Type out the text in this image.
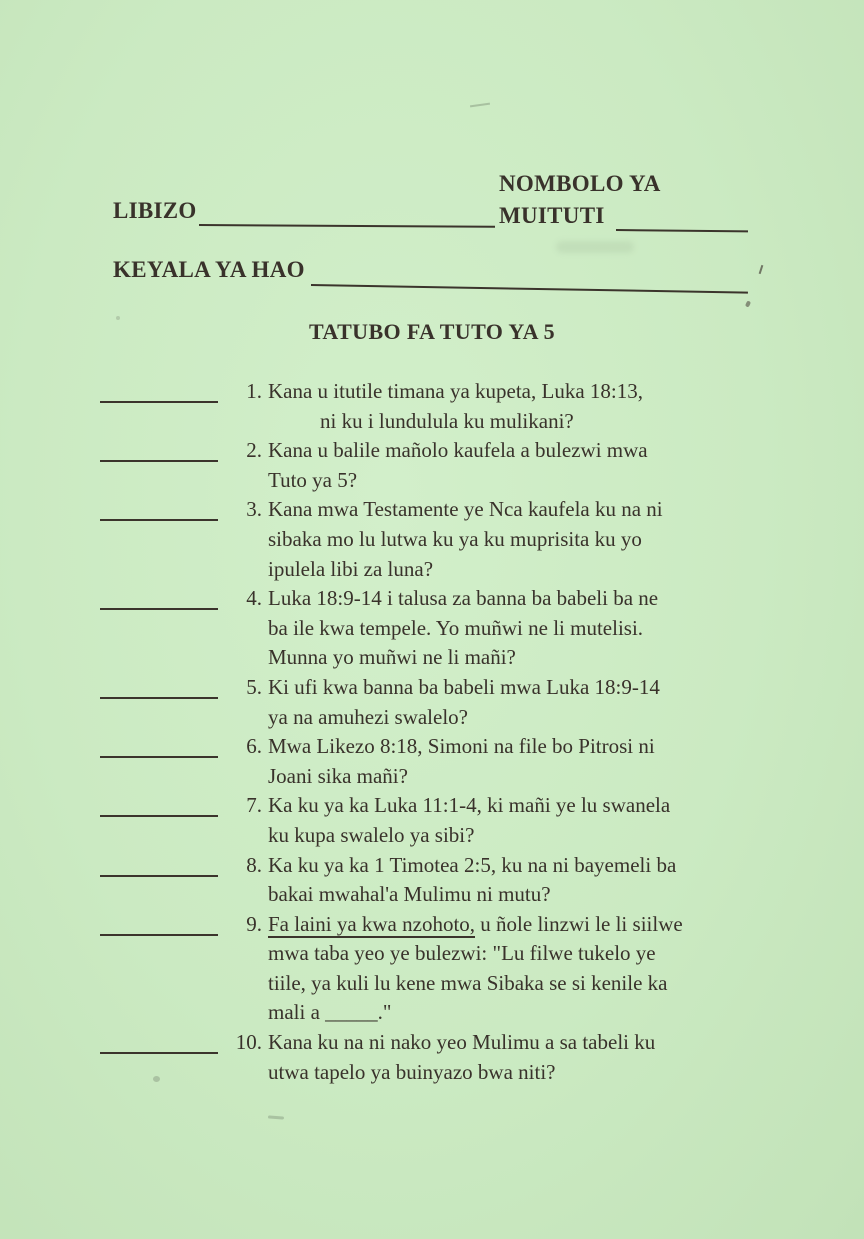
NOMBOLO YA
LIBIZO	MUITUTI
KEYALA YA HAO
TATUBO FA TUTO YA 5
1. Kana u itutile timana ya kupeta, Luka 18:13,
ni ku i lundulula ku mulikani?
2. Kana u balile mañolo kaufela a bulezwi mwa
Tuto ya 5?
3. Kana mwa Testamente ye Nca kaufela ku na ni
sibaka mo lu lutwa ku ya ku muprisita ku yo
ipulela libi za luna?
4. Luka 18:9-14 i talusa za banna ba babeli ba ne
ba ile kwa tempele. Yo muñwi ne li mutelisi.
Munna yo muñwi ne li mañi?
5. Ki ufi kwa banna ba babeli mwa Luka 18:9-14
ya na amuhezi swalelo?
6. Mwa Likezo 8:18, Simoni na file bo Pitrosi ni
Joani sika mañi?
7. Ka ku ya ka Luka 11:1-4, ki mañi ye lu swanela
ku kupa swalelo ya sibi?
8. Ka ku ya ka 1 Timotea 2:5, ku na ni bayemeli ba
bakai mwahal'a Mulimu ni mutu?
9. Fa laini ya kwa nzohoto, u ñole linzwi le li siilwe
mwa taba yeo ye bulezwi: "Lu filwe tukelo ye
tiile, ya kuli lu kene mwa Sibaka se si kenile ka
mali a _____."
10. Kana ku na ni nako yeo Mulimu a sa tabeli ku
utwa tapelo ya buinyazo bwa niti?
